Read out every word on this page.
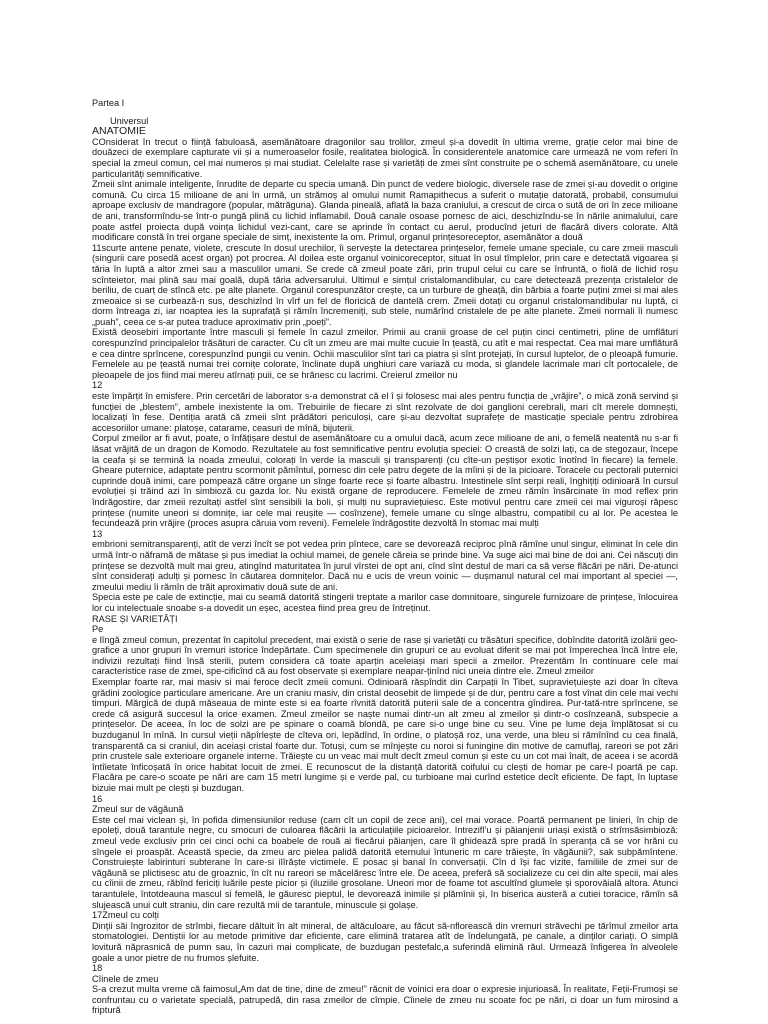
Partea I
Universul
ANATOMIE
COnsiderat în trecut o ființă fabuloasă, asemănătoare dragonilor sau trolilor, zmeul și-a dovedit în ultima vreme, grație celor mai bine de douăzeci de exemplare capturate vii și a numeroaselor fosile, realitatea biologică. În considerentele anatomice care urmează ne vom referi în special la zmeul comun, cel mai numeros și mai studiat. Celelalte rase și varietăți de zmei sînt construite pe o schemă asemănătoare, cu unele particularități semnificative.
Zmeii sînt animale inteligente, înrudite de departe cu specia umană. Din punct de vedere biologic, diversele rase de zmei și-au dovedit o origine comună. Cu circa 15 milioane de ani în urmă, un strămoș al omului numit Ramapithecus a suferit o mutație datorată, probabil, consumului aproape exclusiv de mandragore (popular, mătrăguna). Glanda pineală, aflată la baza craniului, a crescut de circa o sută de ori în zece milioane de ani, transformîndu-se într-o pungă plină cu lichid inflamabil. Două canale osoase pornesc de aici, deschizîndu-se în nările animalului, care poate astfel proiecta după voința lichidul vezi-cant, care se aprinde în contact cu aerul, producînd jeturi de flacără divers colorate. Altă modificare constă în trei organe speciale de simț, inexistente la om. Primul, organul prințesoreceptor, asemănător a două
11scurte antene penate, violete, crescute în dosul urechilor, îi servește la detectarea prințeselor, femele umane speciale, cu care zmeii masculi (singurii care posedă acest organ) pot procrea. Al doilea este organul voinicoreceptor, situat în osul tîmplelor, prin care e detectată vigoarea și tăria în luptă a altor zmei sau a masculilor umani. Se crede că zmeul poate zări, prin trupul celui cu care se înfruntă, o fiolă de lichid roșu scînteietor, mai plină sau mai goală, după tăria adversarului. Ultimul e simțul cristalomandibular, cu care detectează prezența cristalelor de beriliu, de cuarț de stîncă etc. pe alte planete. Organul corespunzător crește, ca un turbure de gheață, din bărbia a foarte puțini zmei si mai ales zmeoaice si se curbează-n sus, deschizînd în vîrf un fel de floricică de dantelă crem. Zmeii dotați cu organul cristalomandibular nu luptă, ci dorm întreaga zi, iar noaptea ies la suprafață și rămîn încremeniți, sub stele, numărînd cristalele de pe alte planete. Zmeii normali îi numesc „puah”, ceea ce s-ar putea traduce aproximativ prin „poeți”.
Există deosebiri importante între masculi și femele în cazul zmeilor. Primii au cranii groase de cel puțin cinci centimetri, pline de umflături corespunzînd principalelor trăsături de caracter. Cu cît un zmeu are mai multe cucuie în țeastă, cu atît e mai respectat. Cea mai mare umflătură e cea dintre sprîncene, corespunzînd pungii cu venin. Ochii masculilor sînt tari ca piatra și sînt protejați, în cursul luptelor, de o pleoapă fumurie. Femelele au pe țeastă numai trei cornițe colorate, înclinate după unghiuri care variază cu moda, si glandele lacrimale mari cît portocalele, de pleoapele de jos fiind mai mereu atîrnați puii, ce se hrănesc cu lacrimi. Creierul zmeilor nu
12
este împărțit în emisfere. Prin cercetări de laborator s-a demonstrat că el î și folosesc mai ales pentru funcția de „vrăjire”, o mică zonă servind și funcției de „blestem”, ambele inexistente la om. Trebuirile de fiecare zi sînt rezolvate de doi ganglioni cerebrali, mari cît merele domnești, localizați în fese. Dentiția arată că zmeii sînt prădători periculoși, care și-au dezvoltat suprafețe de masticație speciale pentru zdrobirea accesoriilor umane: platoșe, catarame, ceasuri de mînă, bijuterii.
Corpul zmeilor ar fi avut, poate, o înfățișare destul de asemănătoare cu a omului dacă, acum zece milioane de ani, o femelă neatentă nu s-ar fi lăsat vrăjită de un dragon de Komodo. Rezultatele au fost semnificative pentru evoluția speciei: O creastă de solzi lați, ca de stegozaur, începe la ceafa și se termină la noada zmeului, colorați în verde la masculi și transparenți (cu cîte-un peștișor exotic înotînd în fiecare) la femele. Gheare puternice, adaptate pentru scormonit pămîntul, pornesc din cele patru degete de la mîini și de la picioare. Toracele cu pectorali puternici cuprinde două inimi, care pompează către organe un sînge foarte rece și foarte albastru. Intestinele sînt serpi reali, înghițiți odinioară în cursul evoluției și trăind azi în simbioză cu gazda lor. Nu există organe de reproducere. Femelele de zmeu rămîn însărcinate în mod reflex prin îndrăgostire, dar zmeii rezultați astfel sînt sensibili la boli, și mulți nu supraviețuiesc. Este motivul pentru care zmeii cei mai viguroși răpesc prințese (numite uneori si domnițe, iar cele mai reușite — cosînzene), femele umane cu sînge albastru, compatibil cu al lor. Pe acestea le fecundează prin vrăjire (proces asupra căruia vom reveni). Femelele îndrăgostite dezvoltă în stomac mai mulți
13
embrioni semitransparenți, atît de verzi încît se pot vedea prin pîntece, care se devorează reciproc pînă rămîne unul singur, eliminat în cele din urmă într-o năframă de mătase și pus imediat la ochiul mamei, de genele căreia se prinde bine. Va suge aici mai bine de doi ani. Cei născuți din prințese se dezvoltă mult mai greu, atingînd maturitatea în jurul vîrstei de opt ani, cînd sînt destul de mari ca să verse flăcări pe nări. De-atunci sînt considerați adulți și pornesc în căutarea domnițelor. Dacă nu e ucis de vreun voinic — dușmanul natural cel mai important al speciei —, zmeului mediu îi rămîn de trăit aproximativ două sute de ani.
Specia este pe cale de extincție, mai cu seamă datorită stingerii treptate a marilor case domnitoare, singurele furnizoare de prințese, înlocuirea lor cu intelectuale snoabe s-a dovedit un eșec, acestea fiind prea greu de întreținut.
RASE ȘI VARIETĂȚI
Pe
e lîngă zmeul comun, prezentat în capitolul precedent, mai există o serie de rase și varietăți cu trăsături specifice, dobîndite datorită izolării geo-grafice a unor grupuri în vremuri istorice îndepărtate. Cum specimenele din grupuri ce au evoluat diferit se mai pot împerechea încă între ele, indivizii rezultați fiind însă sterili, putem considera că toate aparțin aceleiași mari specii a zmeilor. Prezentăm în continuare cele mai caracteristice rase de zmei, spe-cificînd că au fost observate și exemplare neapar-ținînd nici uneia dintre ele. Zmeul zmeilor
Exemplar foarte rar, mai masiv si mai feroce decît zmeii comuni. Odinioară răspîndit din Carpații în Tibet, supraviețuiește azi doar în cîteva grădini zoologice particulare americane. Are un craniu masiv, din cristal deosebit de limpede și de dur, pentru care a fost vînat din cele mai vechi timpuri. Mărgică de după măseaua de minte este si ea foarte rîvnită datorită puterii sale de a concentra gîndirea. Pur-tată-ntre sprîncene, se crede că asigură succesul la orice examen. Zmeul zmeilor se naște numai dintr-un alt zmeu al zmeilor și dintr-o cosînzeană, subspecie a prințeselor. De aceea, în loc de solzi are pe spinare o coamă blondă, pe care si-o unge bine cu seu. Vine pe lume deja împlătosat si cu buzduganul în mînă. In cursul vieții năpîrlește de cîteva ori, lepădînd, în ordine, o platoșă roz, una verde, una bleu si rămînînd cu cea finală, transparentă ca si craniul, din aceiași cristal foarte dur. Totuși, cum se mînjește cu noroi si funingine din motive de camuflaj, rareori se pot zări prin crustele sale exterioare organele interne. Trăiește cu un veac mai mult decît zmeul comun și este cu un cot mai înalt, de aceea i se acordă întîietate înficoșată în orice habitat locuit de zmei. E recunoscut de la distanță datorită coifului cu clești de homar pe care-l poartă pe cap. Flacăra pe care-o scoate pe nări are cam 15 metri lungime și e verde pal, cu turbioane mai curînd estetice decît eficiente. De fapt, în luptase bizuie mai mult pe clești și buzdugan.
16
Zmeul sur de văgăună
Este cel mai viclean și, în pofida dimensiunilor reduse (cam cît un copil de zece ani), cel mai vorace. Poartă permanent pe linieri, în chip de epoleți, două tarantule negre, cu smocuri de culoarea flăcării la articulațiile picioarelor. Intrezifl’u și păianjenii uriași există o strîmsăsimbioză: zmeul vede exclusiv prin cei cinci ochi ca boabele de rouă ai fiecărui păianjen, care îl ghidează spre pradă în speranța că se vor hrăni cu sîngele ei proaspăt. Această specie, da zmeu arc pielea palidă datorită eternului întuneric m care trăiește, în văgăunii?, sak subpămîntene. Construiește labirinturi subterane în care-si ìlîrăște victimele. E posac și banal în conversații. Cîn d își fac vizite, familiile de zmei sur de văgăună se plictisesc atu de groaznic, în cît nu rareori se măcelăresc între ele. De aceea, preferă să socializeze cu cei din alte specii, mai ales cu cîinii de zmeu, răbînd fericiți luările peste picior și (iluziile grosolane. Uneori mor de foame tot ascultînd glumele și sporovăială altora. Atunci tarantulele, întotdeauna mascul si femelă, le găuresc pieptul, le devorează inimile și plămînii și, în biserica austeră a cutiei toracice, rămîn să slujească unui cult straniu, din care rezultă mii de tarantule, minuscule și golașe.
17Zmeul cu colți
Dinții săi îngrozitor de strîmbi, fiecare dăltuit în alt mineral, de altăculoare, au făcut să-nflorească din vremuri străvechi pe tărîmul zmeilor arta stomatologiei. Dentiștii lor au metode primitive dar eficiente, care elimină tratarea atît de îndelungată, pe canale, a dinților cariați. O simplă lovitură năprasnică de pumn sau, în cazuri mai complicate, de buzdugan pestefalc,a suferindă elimină răul. Urmează înfigerea în alveolele goale a unor pietre de nu frumos șlefuite.
18
Cîinele de zmeu
S-a crezut multa vreme că faimosul„Am dat de tine, dine de zmeu!” răcnit de voinici era doar o expresie injurioasă. În realitate, Feții-Frumoși se confruntau cu o varietate specială, patrupedă, din rasa zmeilor de cîmpie. Cîinele de zmeu nu scoate foc pe nări, ci doar un fum mirosind a friptură
